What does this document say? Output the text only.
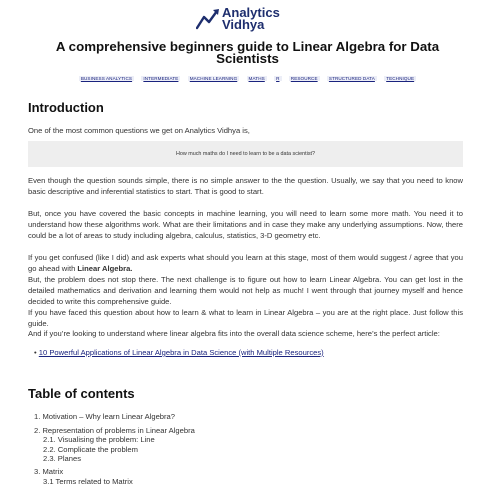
Analytics
Vidhya
A comprehensive beginners guide to Linear Algebra for Data Scientists
BUSINESS ANALYTICS INTERMEDIATE MACHINE LEARNING MATHS R RESOURCE STRUCTURED DATA TECHNIQUE
Introduction

One of the most common questions we get on Analytics Vidhya is,

How much maths do I need to learn to be a data scientist?

Even though the question sounds simple, there is no simple answer to the the question. Usually, we say that you need to know basic descriptive and inferential statistics to start. That is good to start.

But, once you have covered the basic concepts in machine learning, you will need to learn some more math. You need it to understand how these algorithms work. What are their limitations and in case they make any underlying assumptions. Now, there could be a lot of areas to study including algebra, calculus, statistics, 3-D geometry etc.

If you get confused (like I did) and ask experts what should you learn at this stage, most of them would suggest / agree that you go ahead with Linear Algebra.

But, the problem does not stop there. The next challenge is to figure out how to learn Linear Algebra. You can get lost in the detailed mathematics and derivation and learning them would not help as much! I went through that journey myself and hence decided to write this comprehensive guide.

If you have faced this question about how to learn & what to learn in Linear Algebra – you are at the right place. Just follow this guide.

And if you’re looking to understand where linear algebra fits into the overall data science scheme, here’s the perfect article:

• 10 Powerful Applications of Linear Algebra in Data Science (with Multiple Resources)
Table of contents
1. Motivation – Why learn Linear Algebra?
2. Representation of problems in Linear Algebra
2.1. Visualising the problem: Line
2.2. Complicate the problem
2.3. Planes
3. Matrix
3.1 Terms related to Matrix
